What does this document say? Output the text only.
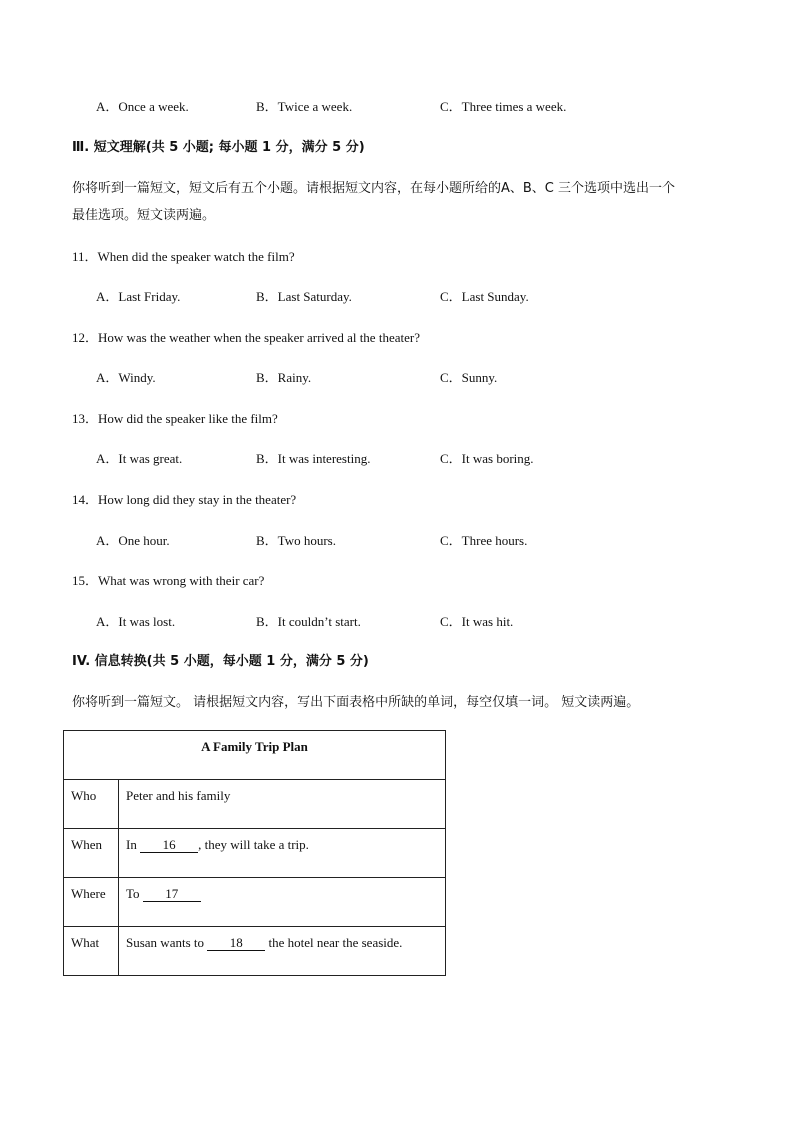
A．Once a week.	B．Twice a week.	C．Three times a week.
Ⅲ. 短文理解(共 5 小题; 每小题 1 分，满分 5 分)
你将听到一篇短文，短文后有五个小题。请根据短文内容，在每小题所给的A、B、C 三个选项中选出一个
最佳选项。短文读两遍。
11．When did the speaker watch the film?
A．Last Friday.	B．Last Saturday.	C．Last Sunday.
12．How was the weather when the speaker arrived al the theater?
A．Windy.	B．Rainy.	C．Sunny.
13．How did the speaker like the film?
A．It was great.	B．It was interesting.	C．It was boring.
14．How long did they stay in the theater?
A．One hour.	B．Two hours.	C．Three hours.
15．What was wrong with their car?
A．It was lost.	B．It couldn’t start.	C．It was hit.
IV. 信息转换(共 5 小题，每小题 1 分，满分 5 分)
你将听到一篇短文。 请根据短文内容，写出下面表格中所缺的单词，每空仅填一词。 短文读两遍。
A Family Trip Plan	
Who	Peter and his family
When	In 16 , they will take a trip.
Where	To 17
What	Susan wants to 18 the hotel near the seaside.
